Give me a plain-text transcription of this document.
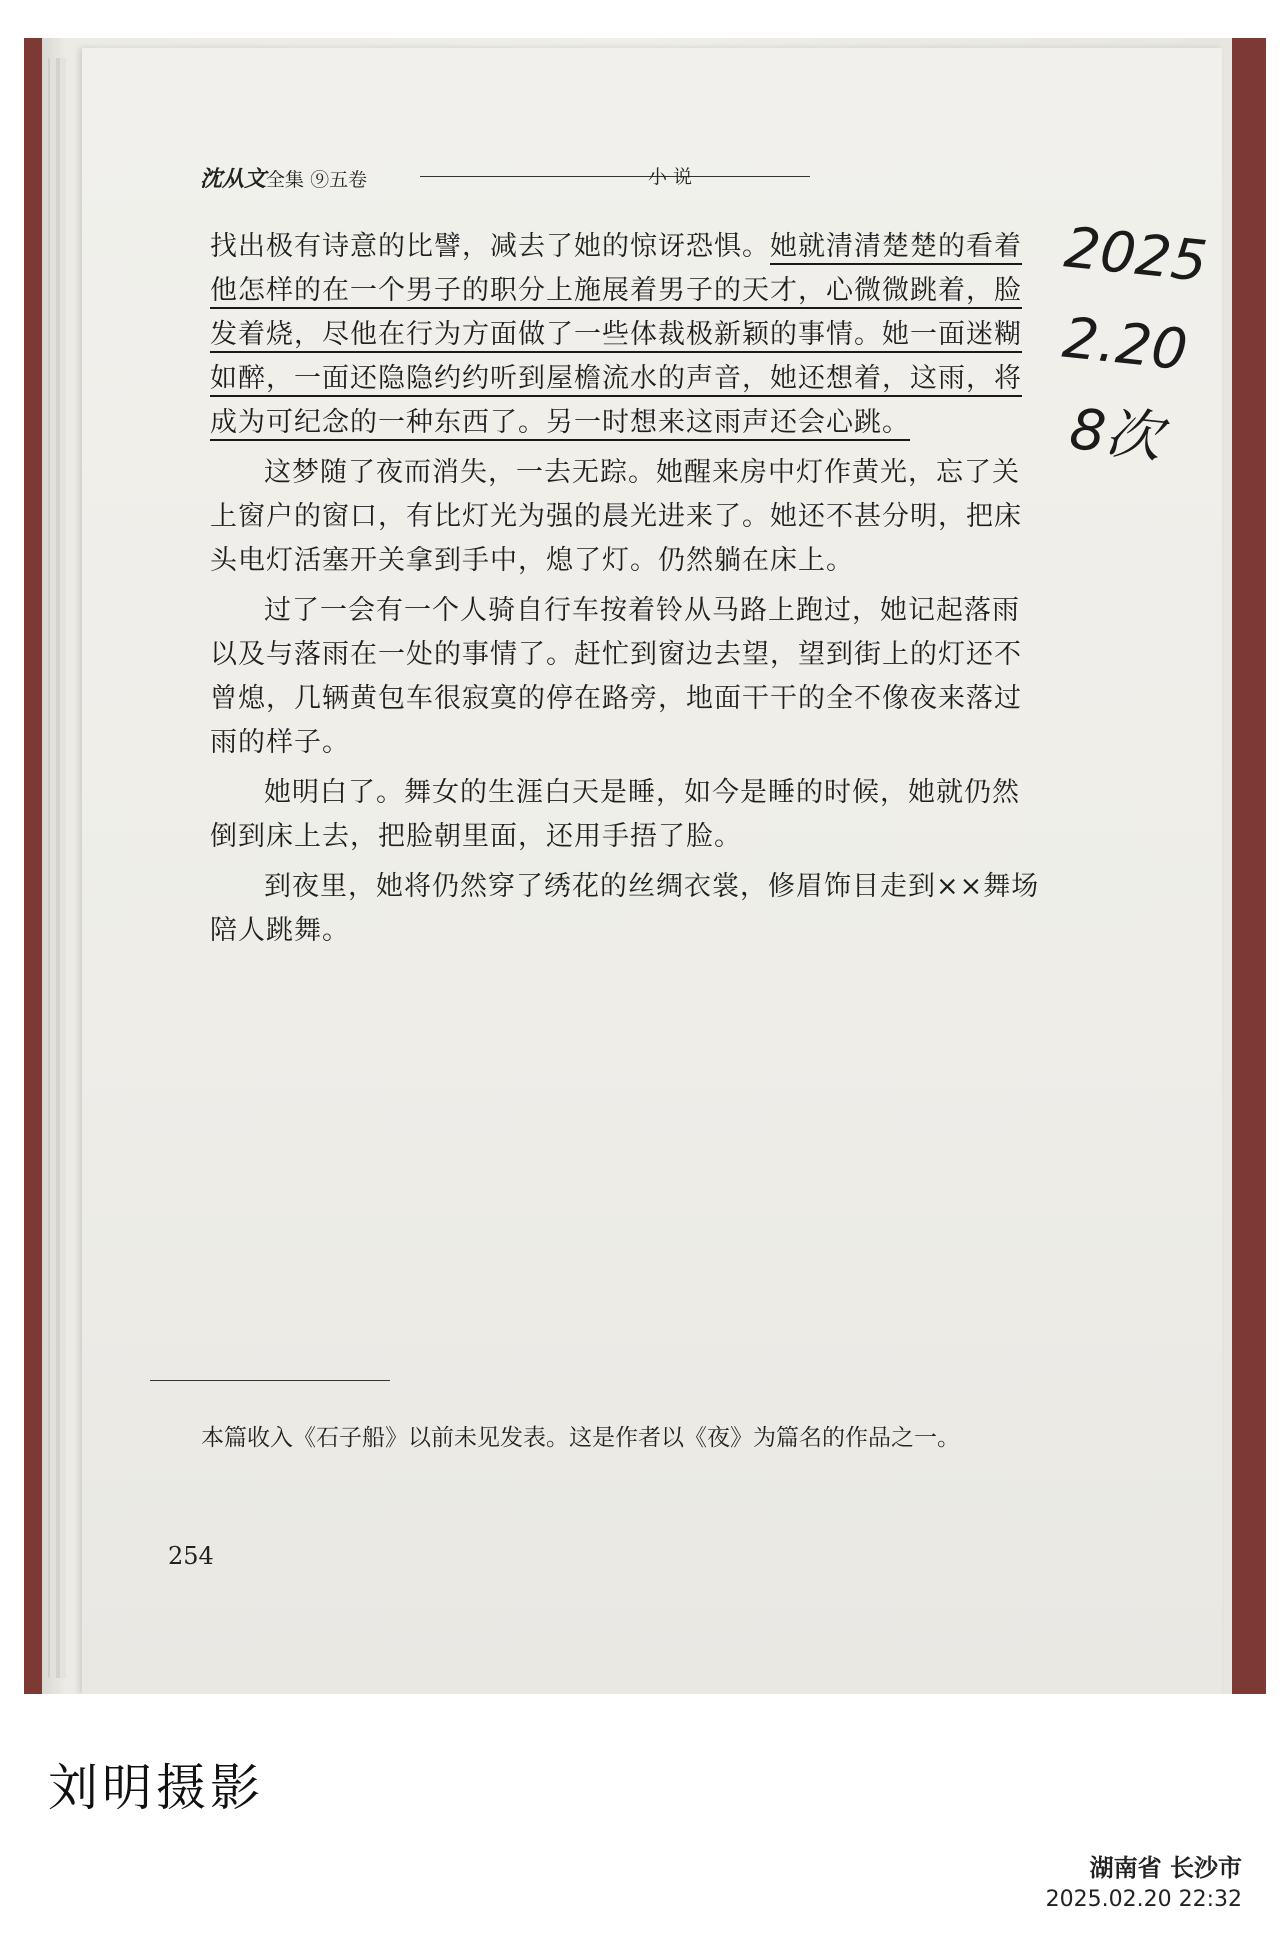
沈从文全集 ⑨五卷	小 说

找出极有诗意的比譬，减去了她的惊讶恐惧。她就清清楚楚的看着他怎样的在一个男子的职分上施展着男子的天才，心微微跳着，脸发着烧，尽他在行为方面做了一些体裁极新颖的事情。她一面迷糊如醉，一面还隐隐约约听到屋檐流水的声音，她还想着，这雨，将成为可纪念的一种东西了。另一时想来这雨声还会心跳。

这梦随了夜而消失，一去无踪。她醒来房中灯作黄光，忘了关上窗户的窗口，有比灯光为强的晨光进来了。她还不甚分明，把床头电灯活塞开关拿到手中，熄了灯。仍然躺在床上。

过了一会有一个人骑自行车按着铃从马路上跑过，她记起落雨以及与落雨在一处的事情了。赶忙到窗边去望，望到街上的灯还不曾熄，几辆黄包车很寂寞的停在路旁，地面干干的全不像夜来落过雨的样子。

她明白了。舞女的生涯白天是睡，如今是睡的时候，她就仍然倒到床上去，把脸朝里面，还用手捂了脸。

到夜里，她将仍然穿了绣花的丝绸衣裳，修眉饰目走到××舞场陪人跳舞。

2025
2.20
8次
本篇收入《石子船》以前未见发表。这是作者以《夜》为篇名的作品之一。
254
刘明摄影
湖南省 长沙市
2025.02.20 22:32
